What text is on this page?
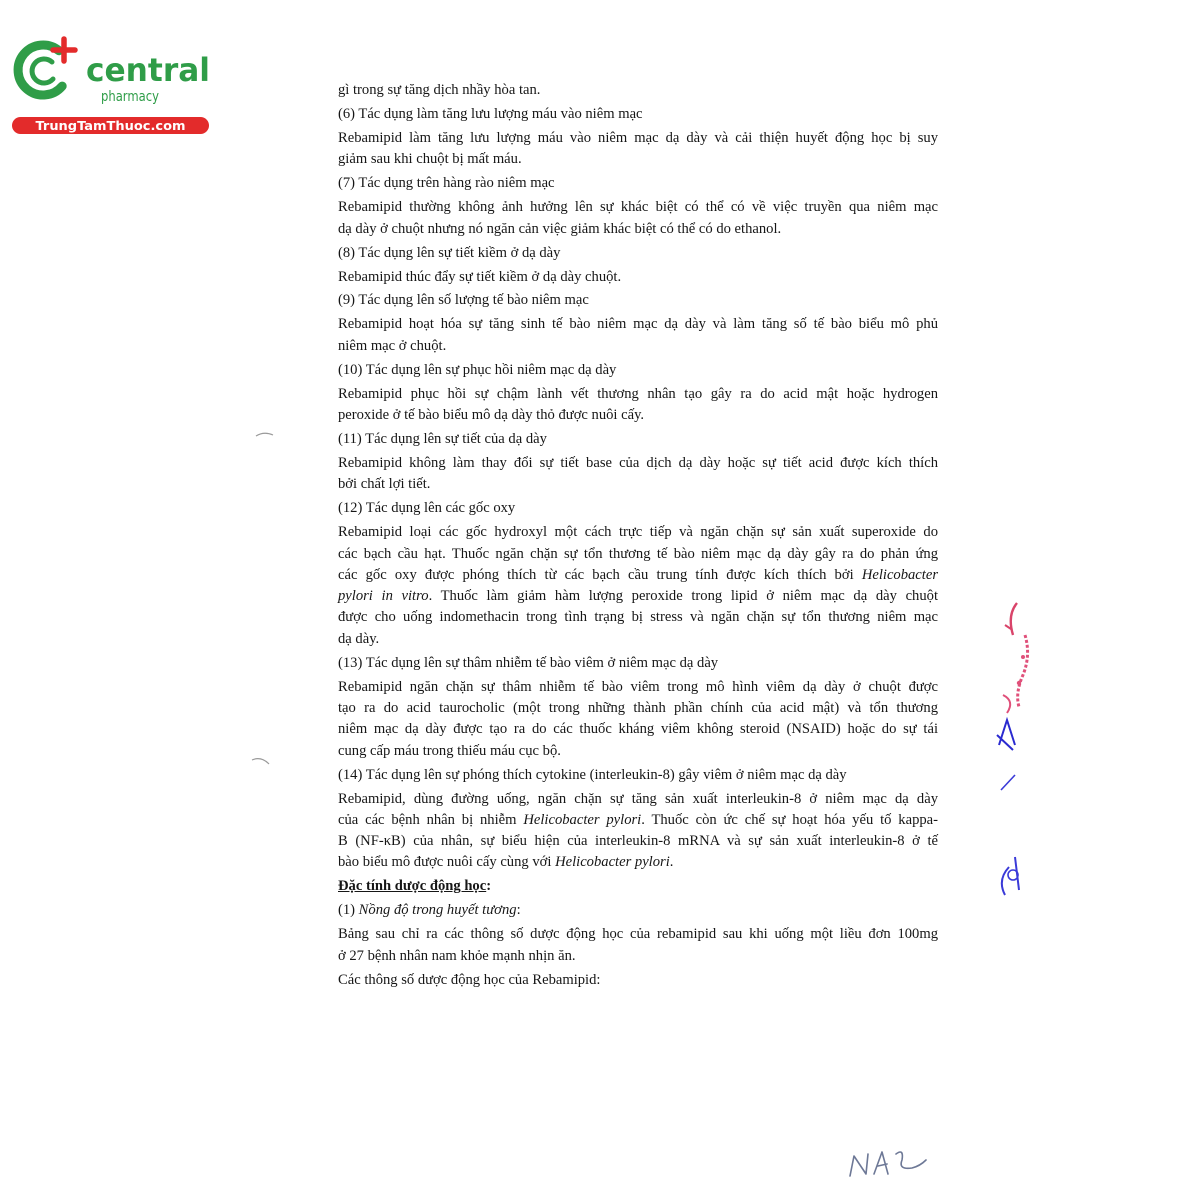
central
pharmacy
TrungTamThuoc.com
gì trong sự tăng dịch nhầy hòa tan.
(6) Tác dụng làm tăng lưu lượng máu vào niêm mạc
Rebamipid làm tăng lưu lượng máu vào niêm mạc dạ dày và cải thiện huyết động học bị suy
giảm sau khi chuột bị mất máu.
(7) Tác dụng trên hàng rào niêm mạc
Rebamipid thường không ảnh hưởng lên sự khác biệt có thể có về việc truyền qua niêm mạc
dạ dày ở chuột nhưng nó ngăn cản việc giảm khác biệt có thể có do ethanol.
(8) Tác dụng lên sự tiết kiềm ở dạ dày
Rebamipid thúc đẩy sự tiết kiềm ở dạ dày chuột.
(9) Tác dụng lên số lượng tế bào niêm mạc
Rebamipid hoạt hóa sự tăng sinh tế bào niêm mạc dạ dày và làm tăng số tế bào biểu mô phủ
niêm mạc ở chuột.
(10) Tác dụng lên sự phục hồi niêm mạc dạ dày
Rebamipid phục hồi sự chậm lành vết thương nhân tạo gây ra do acid mật hoặc hydrogen
peroxide ở tế bào biểu mô dạ dày thỏ được nuôi cấy.
(11) Tác dụng lên sự tiết của dạ dày
Rebamipid không làm thay đổi sự tiết base của dịch dạ dày hoặc sự tiết acid được kích thích
bởi chất lợi tiết.
(12) Tác dụng lên các gốc oxy
Rebamipid loại các gốc hydroxyl một cách trực tiếp và ngăn chặn sự sản xuất superoxide do
các bạch cầu hạt. Thuốc ngăn chặn sự tổn thương tế bào niêm mạc dạ dày gây ra do phản ứng
các gốc oxy được phóng thích từ các bạch cầu trung tính được kích thích bởi Helicobacter
pylori in vitro. Thuốc làm giảm hàm lượng peroxide trong lipid ở niêm mạc dạ dày chuột
được cho uống indomethacin trong tình trạng bị stress và ngăn chặn sự tổn thương niêm mạc
dạ dày.
(13) Tác dụng lên sự thâm nhiễm tế bào viêm ở niêm mạc dạ dày
Rebamipid ngăn chặn sự thâm nhiễm tế bào viêm trong mô hình viêm dạ dày ở chuột được
tạo ra do acid taurocholic (một trong những thành phần chính của acid mật) và tổn thương
niêm mạc dạ dày được tạo ra do các thuốc kháng viêm không steroid (NSAID) hoặc do sự tái
cung cấp máu trong thiếu máu cục bộ.
(14) Tác dụng lên sự phóng thích cytokine (interleukin-8) gây viêm ở niêm mạc dạ dày
Rebamipid, dùng đường uống, ngăn chặn sự tăng sản xuất interleukin-8 ở niêm mạc dạ dày
của các bệnh nhân bị nhiễm Helicobacter pylori. Thuốc còn ức chế sự hoạt hóa yếu tố kappa-
B (NF-κB) của nhân, sự biểu hiện của interleukin-8 mRNA và sự sản xuất interleukin-8 ở tế
bào biểu mô được nuôi cấy cùng với Helicobacter pylori.
Đặc tính dược động học:
(1) Nồng độ trong huyết tương:
Bảng sau chỉ ra các thông số dược động học của rebamipid sau khi uống một liều đơn 100mg
ở 27 bệnh nhân nam khỏe mạnh nhịn ăn.
Các thông số dược động học của Rebamipid:
